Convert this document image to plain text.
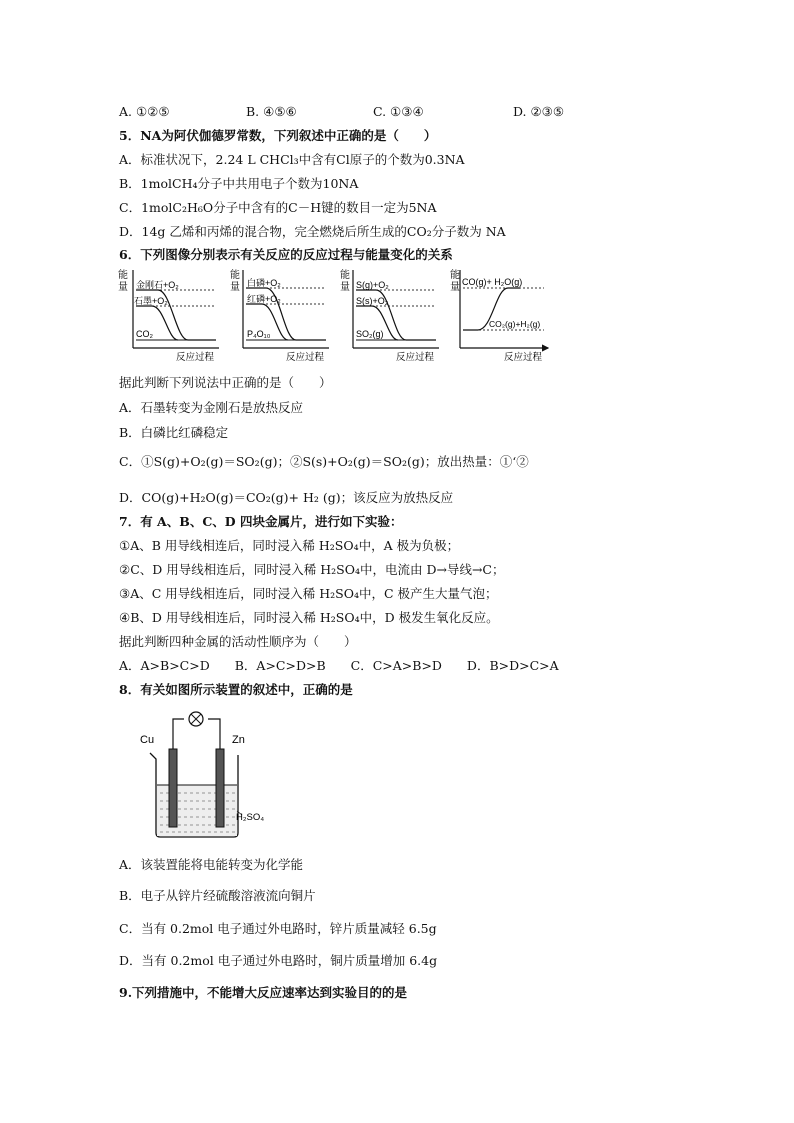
A. ①②⑤	B. ④⑤⑥	C. ①③④	D. ②③⑤
5．NA为阿伏伽德罗常数，下列叙述中正确的是（　　）
A．标准状况下，2.24 L CHCl₃中含有Cl原子的个数为0.3NA
B．1molCH₄分子中共用电子个数为10NA
C．1molC₂H₆O分子中含有的C－H键的数目一定为5NA
D．14g 乙烯和丙烯的混合物，完全燃烧后所生成的CO₂分子数为 NA
6．下列图像分别表示有关反应的反应过程与能量变化的关系
能
量 金刚石+O₂
石墨+O₂
CO₂
反应过程
能
量 白磷+O₂
红磷+O₂
P₄O₁₀
反应过程
能
量 S(g)+O₂
S(s)+O₂
SO₂(g)
反应过程
能
量 CO(g)+ H₂O(g)
CO₂(g)+H₂(g)
反应过程
据此判断下列说法中正确的是（　　）
A．石墨转变为金刚石是放热反应
B．白磷比红磷稳定
C．①S(g)+O₂(g)＝SO₂(g)；②S(s)+O₂(g)＝SO₂(g)；放出热量：①‘②
D．CO(g)+H₂O(g)＝CO₂(g)+ H₂ (g)；该反应为放热反应
7．有 A、B、C、D 四块金属片，进行如下实验：
①A、B 用导线相连后，同时浸入稀 H₂SO₄中，A 极为负极；
②C、D 用导线相连后，同时浸入稀 H₂SO₄中，电流由 D→导线→C；
③A、C 用导线相连后，同时浸入稀 H₂SO₄中，C 极产生大量气泡；
④B、D 用导线相连后，同时浸入稀 H₂SO₄中，D 极发生氧化反应。
据此判断四种金属的活动性顺序为（　　）
A．A>B>C>D　　B．A>C>D>B　　C．C>A>B>D　　D．B>D>C>A
8．有关如图所示装置的叙述中，正确的是
Cu	Zn
H₂SO₄
A．该装置能将电能转变为化学能
B．电子从锌片经硫酸溶液流向铜片
C．当有 0.2mol 电子通过外电路时，锌片质量减轻 6.5g
D．当有 0.2mol 电子通过外电路时，铜片质量增加 6.4g
9.下列措施中，不能增大反应速率达到实验目的的是
